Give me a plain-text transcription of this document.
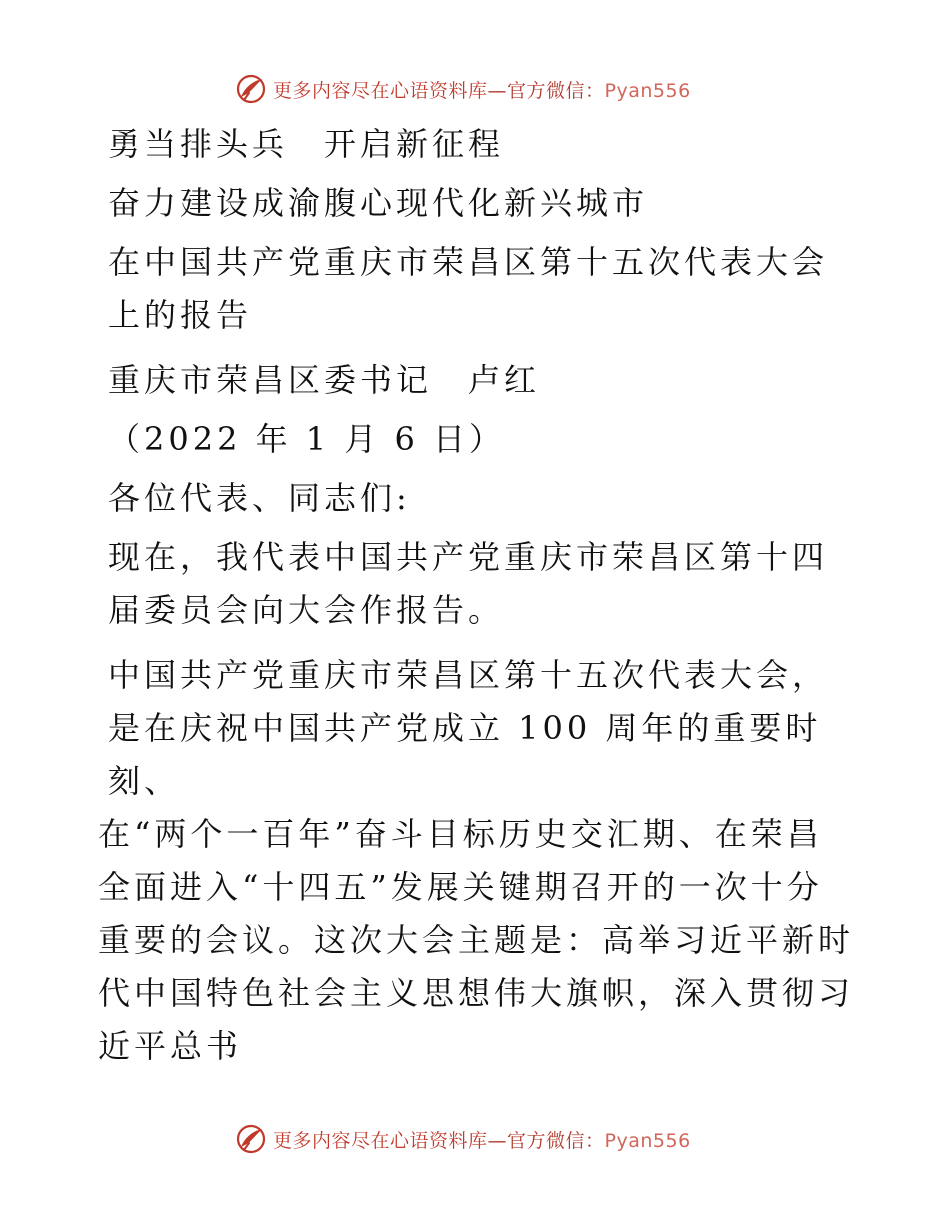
更多内容尽在心语资料库—官方微信：Pyan556

勇当排头兵　开启新征程

奋力建设成渝腹心现代化新兴城市

在中国共产党重庆市荣昌区第十五次代表大会上的报告

重庆市荣昌区委书记　卢红

（2022 年 1 月 6 日）

各位代表、同志们:

现在，我代表中国共产党重庆市荣昌区第十四届委员会向大会作报告。

中国共产党重庆市荣昌区第十五次代表大会，是在庆祝中国共产党成立 100 周年的重要时刻、

在“两个一百年”奋斗目标历史交汇期、在荣昌全面进入“十四五”发展关键期召开的一次十分重要的会议。这次大会主题是：高举习近平新时代中国特色社会主义思想伟大旗帜，深入贯彻习近平总书

更多内容尽在心语资料库—官方微信：Pyan556
